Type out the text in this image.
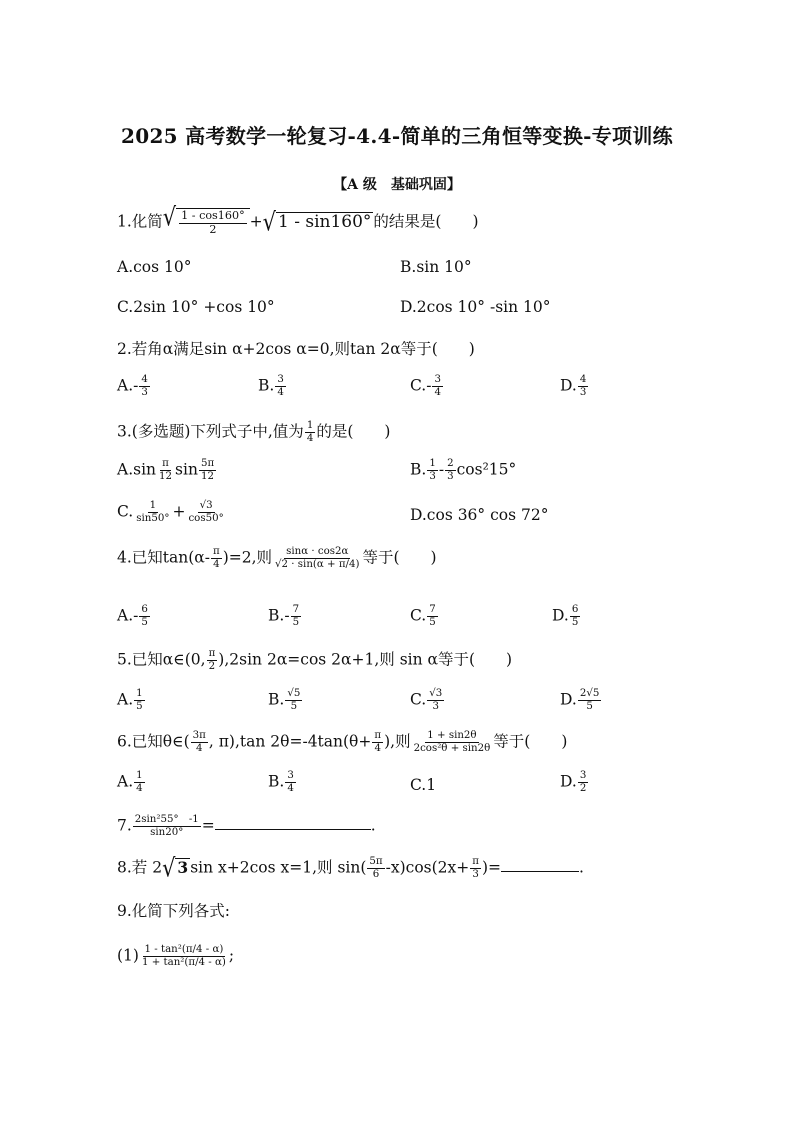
2025 高考数学一轮复习-4.4-简单的三角恒等变换-专项训练
【A 级　基础巩固】
1.化简 √ $\frac{1 - \cos 160^\circ}{2}$ + √ 1 - sin160° 的结果是(　　)
A.cos 10°	B.sin 10°
C.2sin 10° +cos 10°	D.2cos 10° -sin 10°
2.若角α满足sin α+2cos α=0,则tan 2α等于(　　)
$A.- \frac{4}{3}$	B. $\frac{3}{4}$	$C.- \frac{3}{4}$	D. $\frac{4}{3}$
3.(多选题)下列式子中,值为 $\frac{1}{4}$ 的是(　　)
$A.\sin \frac{\pi}{12}$ $\sin \frac{5\pi}{12}$	B. $\frac{1}{3} - \frac{2}{3} \cos^215^\circ$
C. $\frac{1}{\sin 50^\circ} + \frac{√3}{\cos 50^\circ}$	D.cos 36° cos 72°
4.已知$\tan(\alpha- \frac{\pi}{4} )=2$,则 $\frac{\sin\alpha \cdot \cos 2\alpha}{√2 \cdot \sin(\alpha + \pi/4)}$ 等于(　　)
$A.- \frac{6}{5}$	$B.- \frac{7}{5}$	C. $\frac{7}{5}$	D. $\frac{6}{5}$
5.已知α∈(0, $\frac{\pi}{2} ),2\sin$ 2α=cos 2α+1,则 sin α等于(　　)
A. $\frac{1}{5}$	B. $\frac{√5}{5}$	C. $\frac{√3}{3}$	D. $\frac{2√5}{5}$
6.已知θ∈( $\frac{3\pi}{4}$ , π),tan $2\theta=-4\tan(\theta+ \frac{\pi}{4}$ ),则 $\frac{1 + \sin 2\theta}{\text{2cos²θ + sin2θ}}$ 等于(　　)
A. $\frac{1}{4}$	B. $\frac{3}{4}$	C.1	D. $\frac{3}{2}$
7. $\frac{\text{2sin²55°　-1}}{\sin 20^\circ}$ =	.
8.若 2 √ 3 sin x+2cos x=1,则 $\sin( \frac{5\pi}{6} -x)\cos(2x+ \frac{\pi}{3}$ )=	.
9.化简下列各式:
$(1) \frac{\text{1 - tan²(π/4 - α)}}{\text{1 + tan²(π/4 - α)}}$ ;
